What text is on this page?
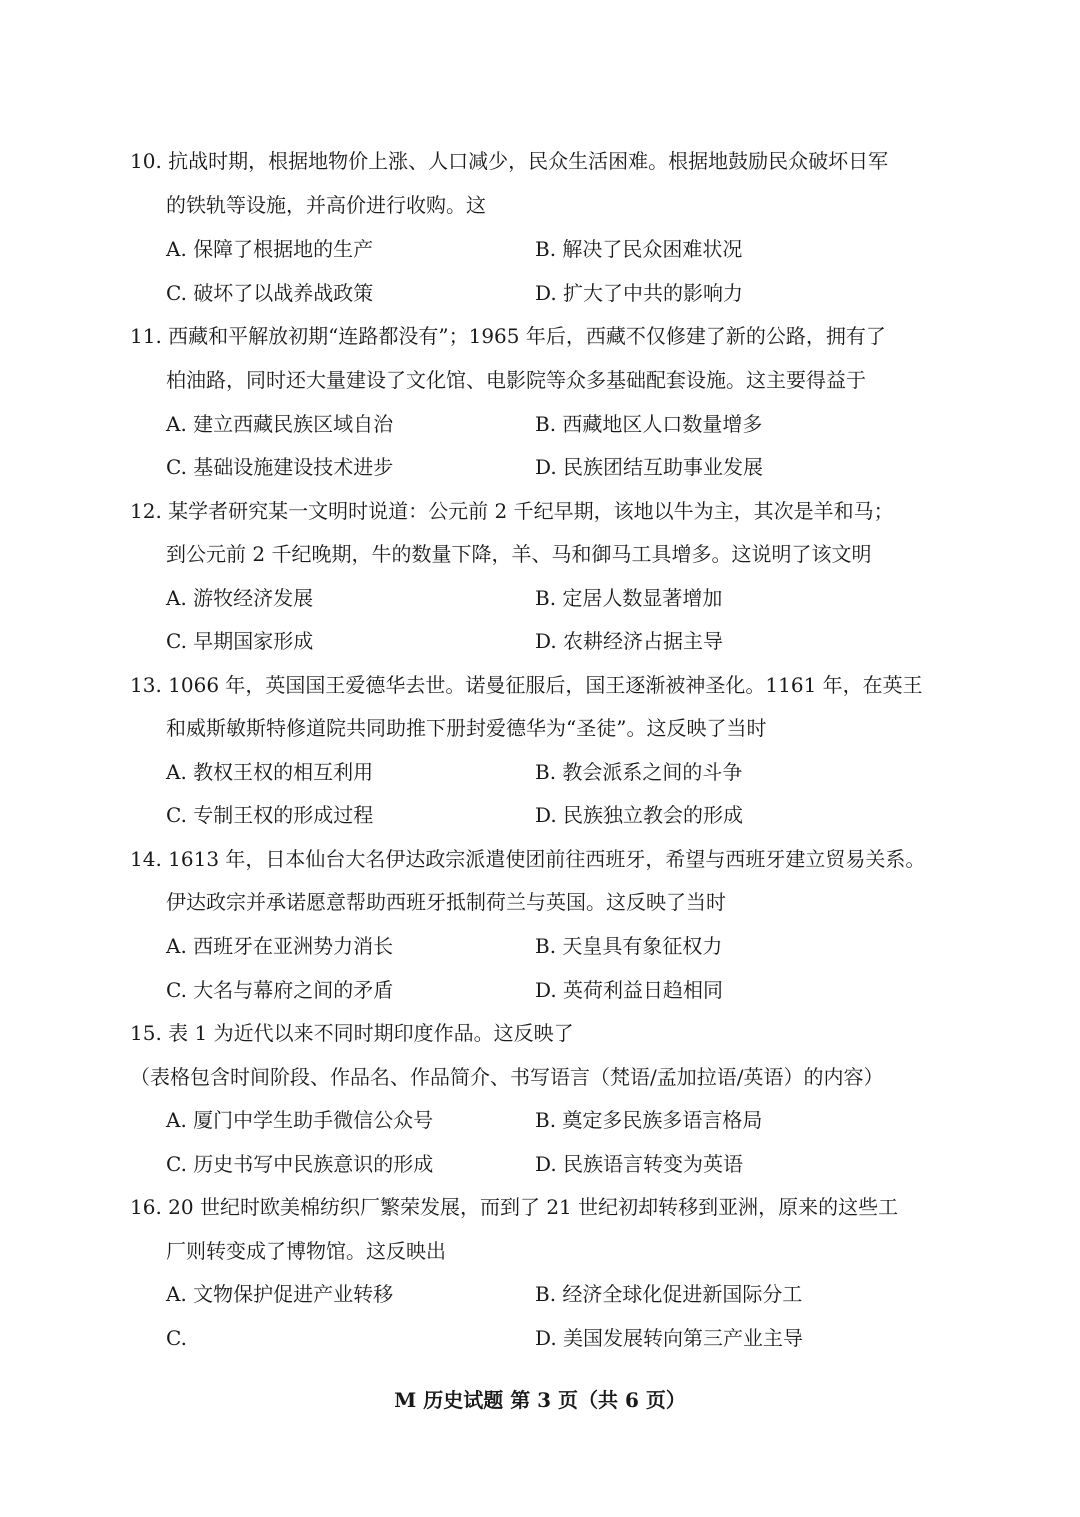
10. 抗战时期，根据地物价上涨、人口减少，民众生活困难。根据地鼓励民众破坏日军
的铁轨等设施，并高价进行收购。这
A. 保障了根据地的生产	B. 解决了民众困难状况
C. 破坏了以战养战政策	D. 扩大了中共的影响力
11. 西藏和平解放初期“连路都没有”；1965 年后，西藏不仅修建了新的公路，拥有了
柏油路，同时还大量建设了文化馆、电影院等众多基础配套设施。这主要得益于
A. 建立西藏民族区域自治	B. 西藏地区人口数量增多
C. 基础设施建设技术进步	D. 民族团结互助事业发展
12. 某学者研究某一文明时说道：公元前 2 千纪早期，该地以牛为主，其次是羊和马；
到公元前 2 千纪晚期，牛的数量下降，羊、马和御马工具增多。这说明了该文明
A. 游牧经济发展	B. 定居人数显著增加
C. 早期国家形成	D. 农耕经济占据主导
13. 1066 年，英国国王爱德华去世。诺曼征服后，国王逐渐被神圣化。1161 年，在英王
和威斯敏斯特修道院共同助推下册封爱德华为“圣徒”。这反映了当时
A. 教权王权的相互利用	B. 教会派系之间的斗争
C. 专制王权的形成过程	D. 民族独立教会的形成
14. 1613 年，日本仙台大名伊达政宗派遣使团前往西班牙，希望与西班牙建立贸易关系。
伊达政宗并承诺愿意帮助西班牙抵制荷兰与英国。这反映了当时
A. 西班牙在亚洲势力消长	B. 天皇具有象征权力
C. 大名与幕府之间的矛盾	D. 英荷利益日趋相同
15. 表 1 为近代以来不同时期印度作品。这反映了
（表格包含时间阶段、作品名、作品简介、书写语言（梵语/孟加拉语/英语）的内容）
A. 厦门中学生助手微信公众号	B. 奠定多民族多语言格局
C. 历史书写中民族意识的形成	D. 民族语言转变为英语
16. 20 世纪时欧美棉纺织厂繁荣发展，而到了 21 世纪初却转移到亚洲，原来的这些工
厂则转变成了博物馆。这反映出
A. 文物保护促进产业转移	B. 经济全球化促进新国际分工
C.	D. 美国发展转向第三产业主导
M 历史试题 第 3 页（共 6 页）
